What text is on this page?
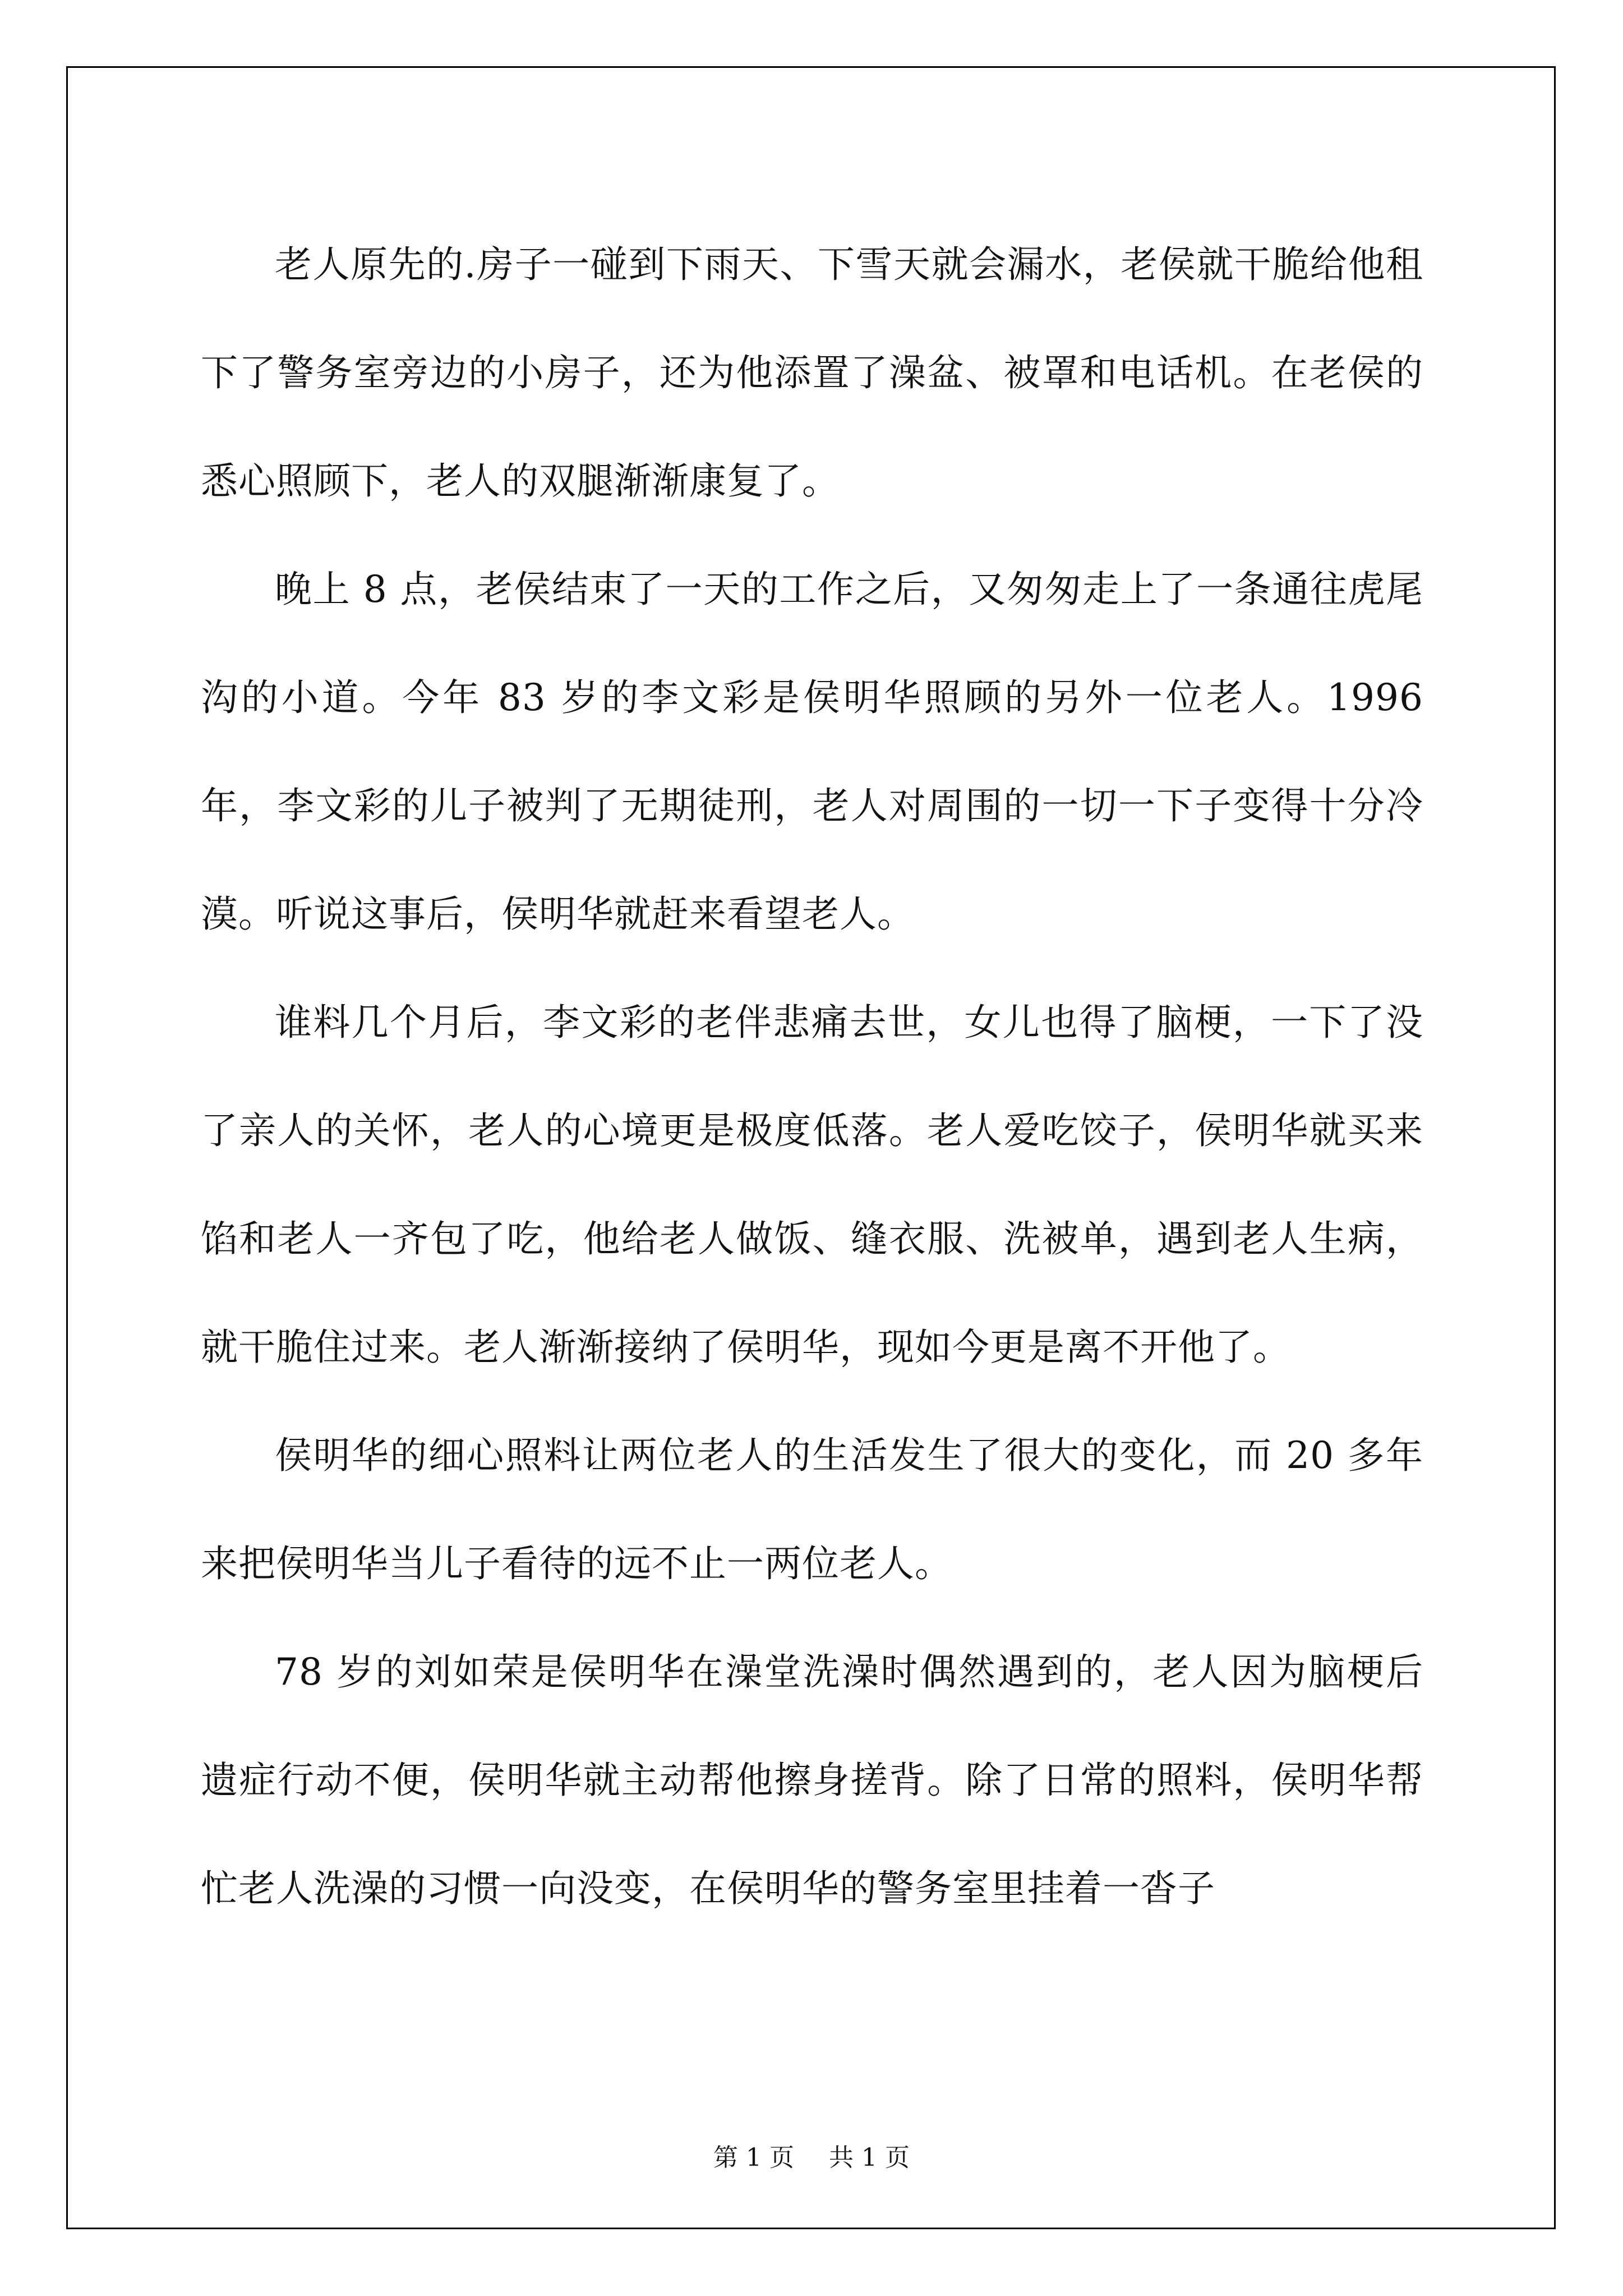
老人原先的.房子一碰到下雨天、下雪天就会漏水，老侯就干脆给他租下了警务室旁边的小房子，还为他添置了澡盆、被罩和电话机。在老侯的悉心照顾下，老人的双腿渐渐康复了。

晚上 8 点，老侯结束了一天的工作之后，又匆匆走上了一条通往虎尾沟的小道。今年 83 岁的李文彩是侯明华照顾的另外一位老人。1996 年，李文彩的儿子被判了无期徒刑，老人对周围的一切一下子变得十分冷漠。听说这事后，侯明华就赶来看望老人。

谁料几个月后，李文彩的老伴悲痛去世，女儿也得了脑梗，一下了没了亲人的关怀，老人的心境更是极度低落。老人爱吃饺子，侯明华就买来馅和老人一齐包了吃，他给老人做饭、缝衣服、洗被单，遇到老人生病，就干脆住过来。老人渐渐接纳了侯明华，现如今更是离不开他了。

侯明华的细心照料让两位老人的生活发生了很大的变化，而 20 多年来把侯明华当儿子看待的远不止一两位老人。

78 岁的刘如荣是侯明华在澡堂洗澡时偶然遇到的，老人因为脑梗后遗症行动不便，侯明华就主动帮他擦身搓背。除了日常的照料，侯明华帮忙老人洗澡的习惯一向没变，在侯明华的警务室里挂着一沓子

第 1 页 共 1 页
